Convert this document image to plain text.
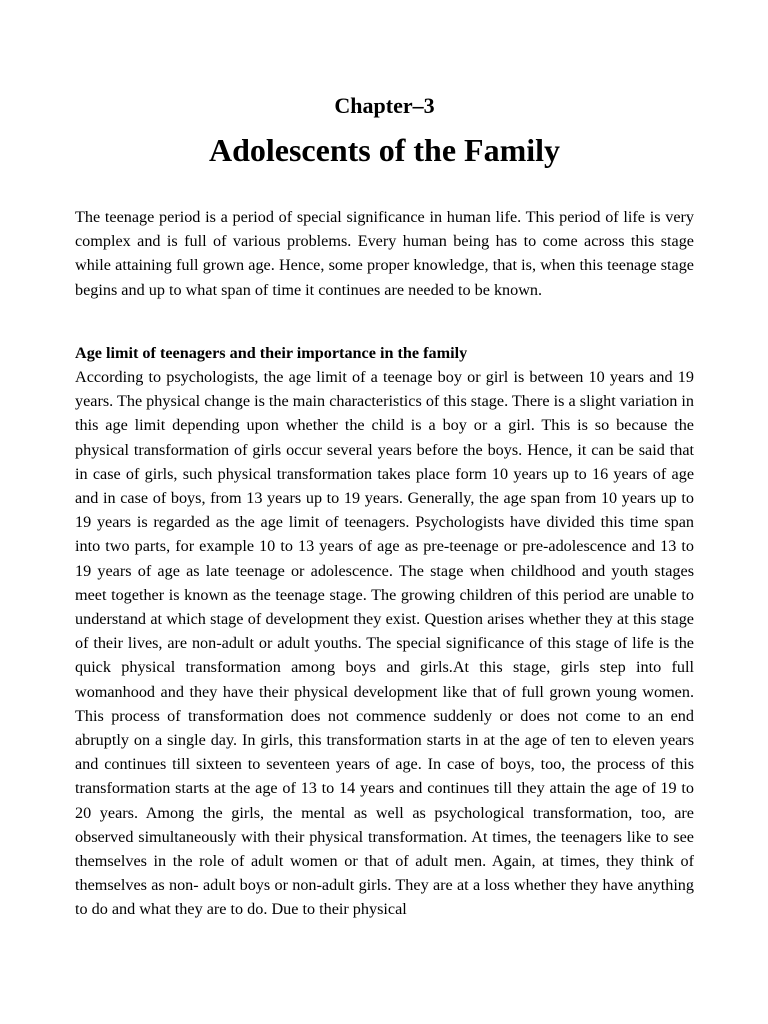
Chapter–3
Adolescents of the Family

The teenage period is a period of special significance in human life. This period of life is very complex and is full of various problems. Every human being has to come across this stage while attaining full grown age. Hence, some proper knowledge, that is, when this teenage stage begins and up to what span of time it continues are needed to be known.

Age limit of teenagers and their importance in the family

According to psychologists, the age limit of a teenage boy or girl is between 10 years and 19 years. The physical change is the main characteristics of this stage. There is a slight variation in this age limit depending upon whether the child is a boy or a girl. This is so because the physical transformation of girls occur several years before the boys. Hence, it can be said that in case of girls, such physical transformation takes place form 10 years up to 16 years of age and in case of boys, from 13 years up to 19 years. Generally, the age span from 10 years up to 19 years is regarded as the age limit of teenagers. Psychologists have divided this time span into two parts, for example 10 to 13 years of age as pre-teenage or pre-adolescence and 13 to 19 years of age as late teenage or adolescence. The stage when childhood and youth stages meet together is known as the teenage stage. The growing children of this period are unable to understand at which stage of development they exist. Question arises whether they at this stage of their lives, are non-adult or adult youths. The special significance of this stage of life is the quick physical transformation among boys and girls.At this stage, girls step into full womanhood and they have their physical development like that of full grown young women. This process of transformation does not commence suddenly or does not come to an end abruptly on a single day. In girls, this transformation starts in at the age of ten to eleven years and continues till sixteen to seventeen years of age. In case of boys, too, the process of this transformation starts at the age of 13 to 14 years and continues till they attain the age of 19 to 20 years. Among the girls, the mental as well as psychological transformation, too, are observed simultaneously with their physical transformation. At times, the teenagers like to see themselves in the role of adult women or that of adult men. Again, at times, they think of themselves as non- adult boys or non-adult girls. They are at a loss whether they have anything to do and what they are to do. Due to their physical
